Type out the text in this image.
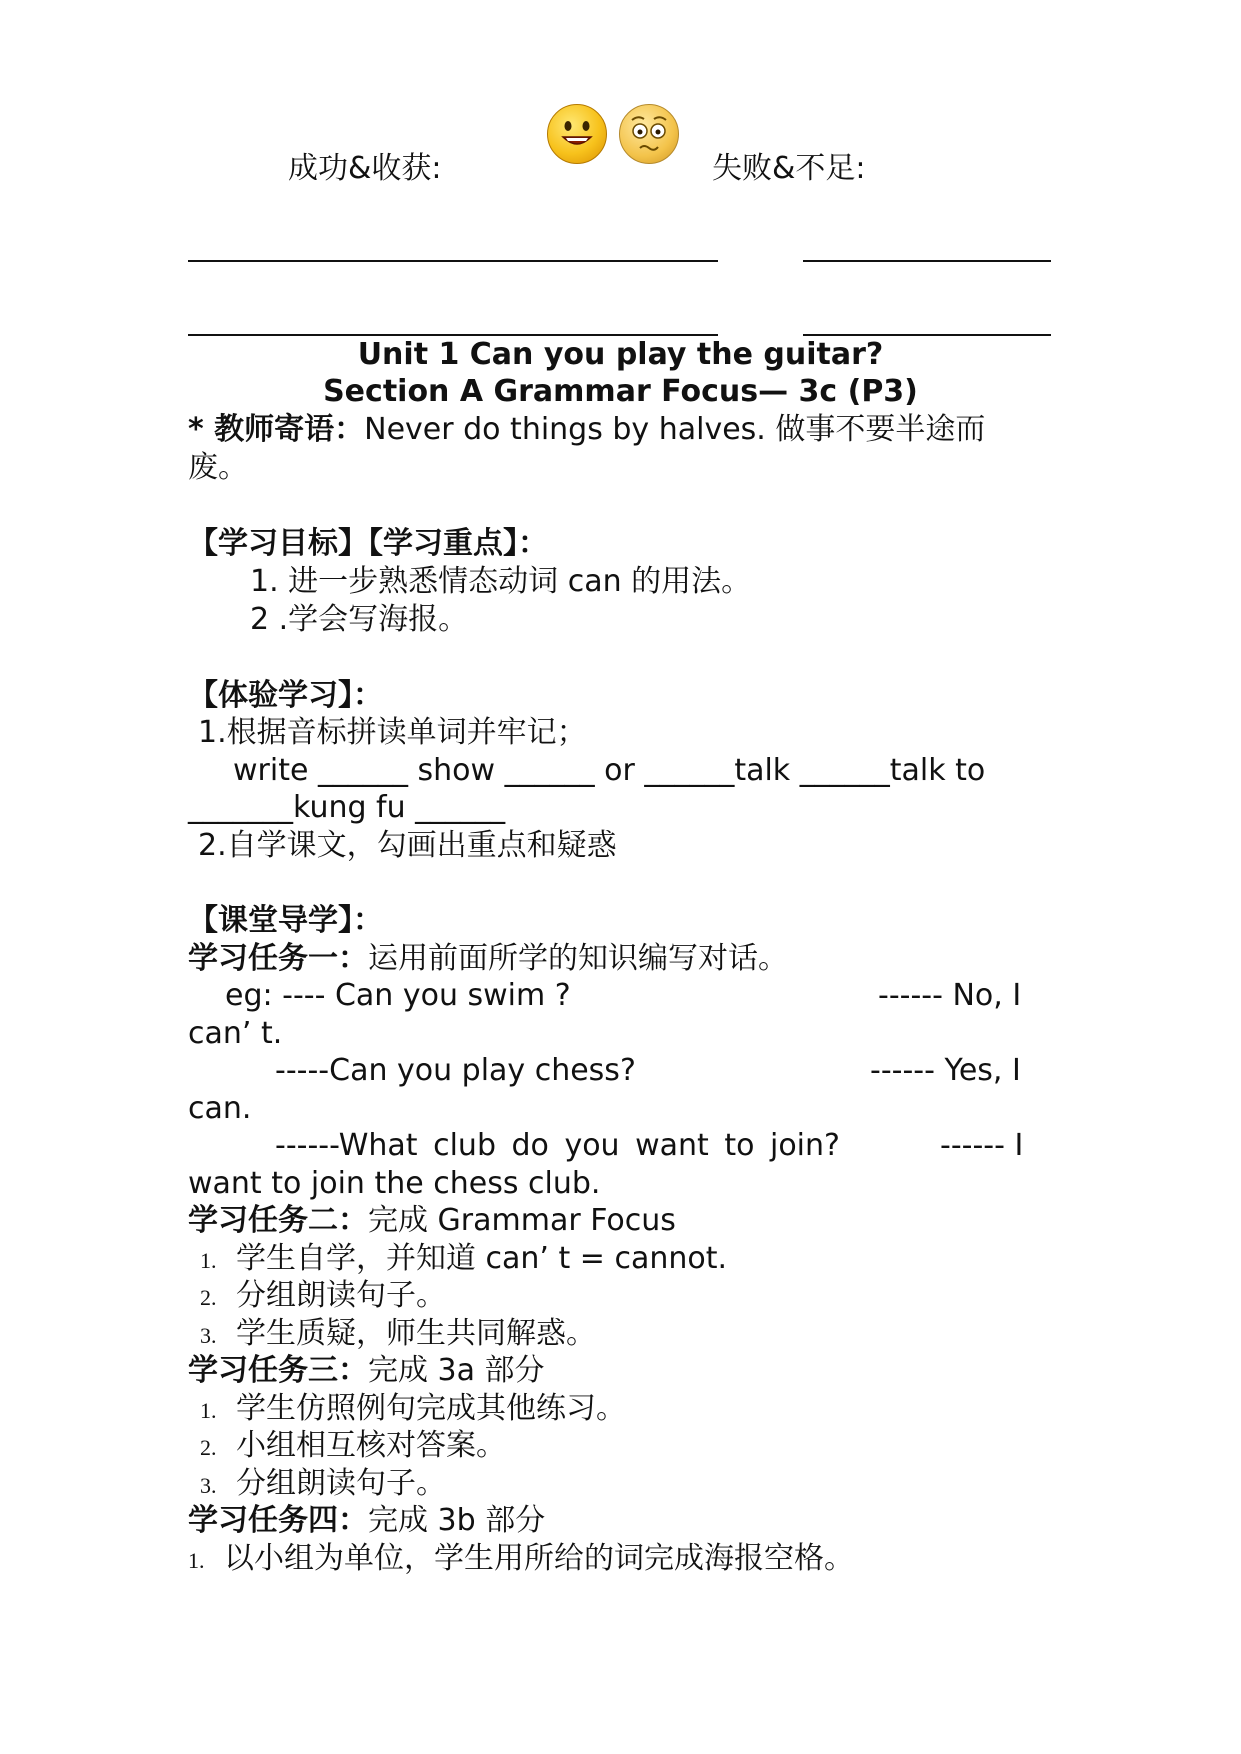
成功&收获:	失败&不足:
Unit 1 Can you play the guitar?
Section A Grammar Focus— 3c (P3)
* 教师寄语：Never do things by halves. 做事不要半途而
废。
【学习目标】【学习重点】：
1. 进一步熟悉情态动词 can 的用法。
2 .学会写海报。
【体验学习】：
1.根据音标拼读单词并牢记；
write ______ show ______ or ______talk ______talk to
_______kung fu ______
2.自学课文，勾画出重点和疑惑
【课堂导学】：
学习任务一：运用前面所学的知识编写对话。
eg: ---- Can you swim ?	------ No, I
can’ t.
-----Can you play chess?	------ Yes, I
can.
------What club do you want to join?	------ I
want to join the chess club.
学习任务二：完成 Grammar Focus
1. 学生自学，并知道 can’ t = cannot.
2. 分组朗读句子。
3. 学生质疑，师生共同解惑。
学习任务三：完成 3a 部分
1. 学生仿照例句完成其他练习。
2. 小组相互核对答案。
3. 分组朗读句子。
学习任务四：完成 3b 部分
1. 以小组为单位，学生用所给的词完成海报空格。
